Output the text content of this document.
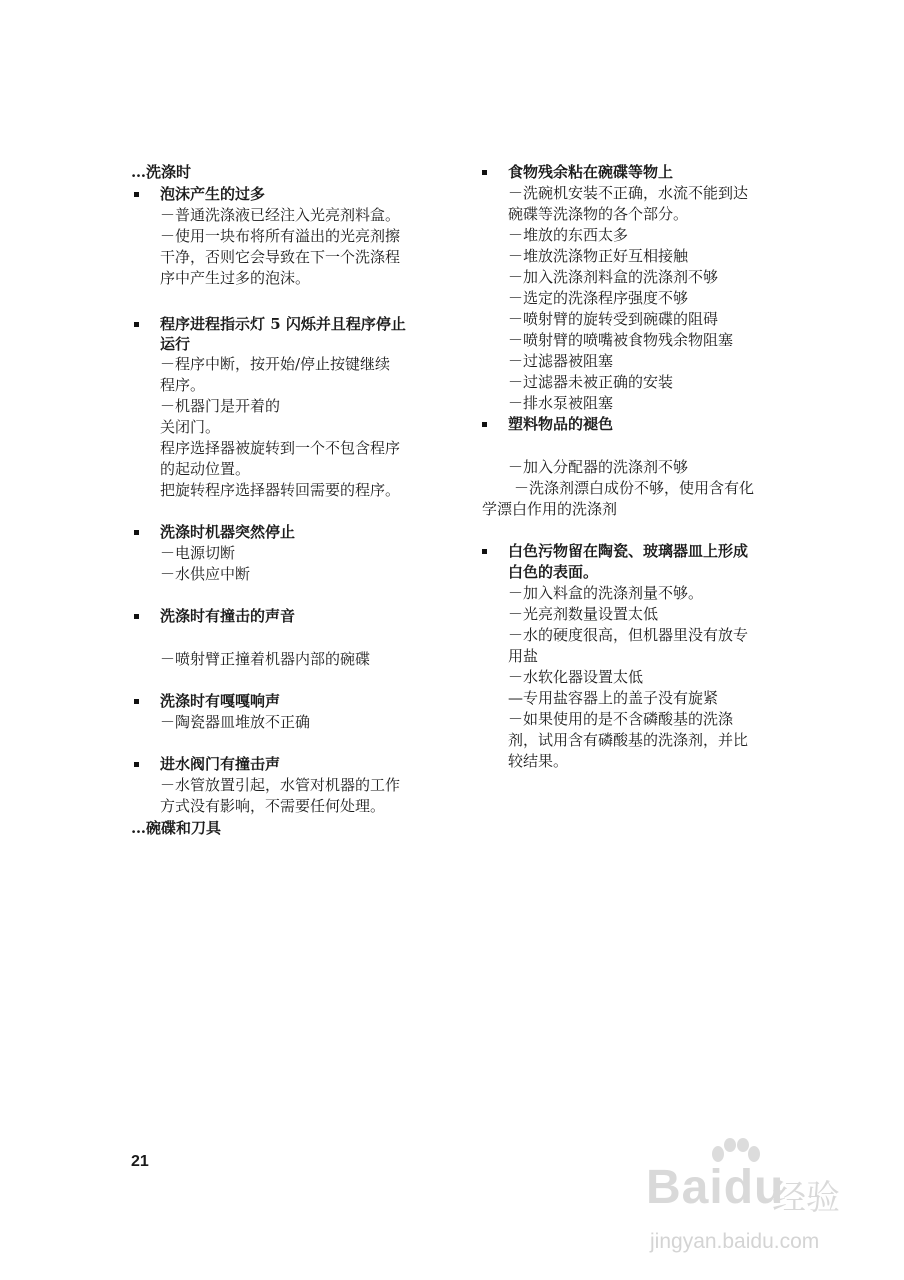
…洗涤时
泡沫产生的过多
－普通洗涤液已经注入光亮剂料盒。
－使用一块布将所有溢出的光亮剂擦
干净，否则它会导致在下一个洗涤程
序中产生过多的泡沫。
程序进程指示灯 5 闪烁并且程序停止
运行
－程序中断，按开始/停止按键继续
程序。
－机器门是开着的
关闭门。
程序选择器被旋转到一个不包含程序
的起动位置。
把旋转程序选择器转回需要的程序。
洗涤时机器突然停止
－电源切断
－水供应中断
洗涤时有撞击的声音
－喷射臂正撞着机器内部的碗碟
洗涤时有嘎嘎响声
－陶瓷器皿堆放不正确
进水阀门有撞击声
－水管放置引起，水管对机器的工作
方式没有影响，不需要任何处理。
…碗碟和刀具
食物残余粘在碗碟等物上
－洗碗机安装不正确，水流不能到达
碗碟等洗涤物的各个部分。
－堆放的东西太多
－堆放洗涤物正好互相接触
－加入洗涤剂料盒的洗涤剂不够
－选定的洗涤程序强度不够
－喷射臂的旋转受到碗碟的阻碍
－喷射臂的喷嘴被食物残余物阻塞
－过滤器被阻塞
－过滤器未被正确的安装
－排水泵被阻塞
塑料物品的褪色
－加入分配器的洗涤剂不够
－洗涤剂漂白成份不够，使用含有化
学漂白作用的洗涤剂
白色污物留在陶瓷、玻璃器皿上形成
白色的表面。
－加入料盒的洗涤剂量不够。
－光亮剂数量设置太低
－水的硬度很高，但机器里没有放专
用盐
－水软化器设置太低
—专用盐容器上的盖子没有旋紧
－如果使用的是不含磷酸基的洗涤
剂，试用含有磷酸基的洗涤剂，并比
较结果。
21	Baidu
经验
jingyan.baidu.com
